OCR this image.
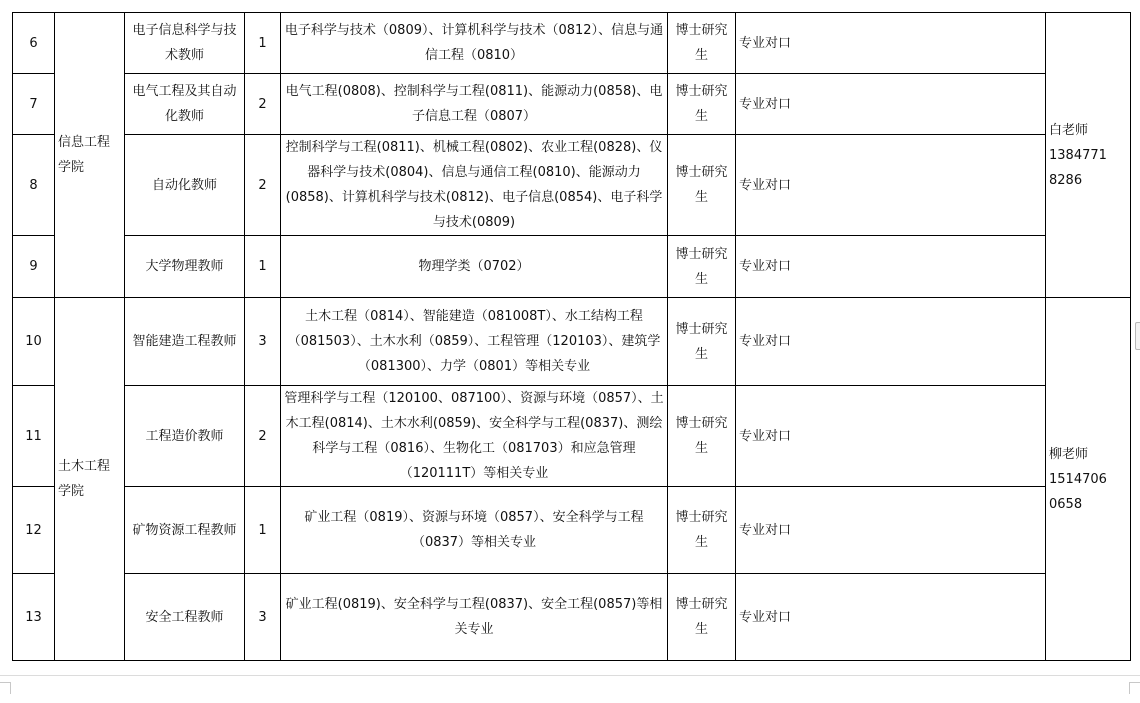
6	信息工程学院	电子信息科学与技术教师	1	电子科学与技术（0809）、计算机科学与技术（0812）、信息与通信工程（0810）	博士研究生	专业对口	白老师
13847718286
7		电气工程及其自动化教师	2	电气工程(0808)、控制科学与工程(0811)、能源动力(0858)、电子信息工程（0807）	博士研究生	专业对口	
8		自动化教师	2	控制科学与工程(0811)、机械工程(0802)、农业工程(0828)、仪器科学与技术(0804)、信息与通信工程(0810)、能源动力(0858)、计算机科学与技术(0812)、电子信息(0854)、电子科学与技术(0809)	博士研究生	专业对口	
9		大学物理教师	1	物理学类（0702）	博士研究生	专业对口	
10	土木工程学院	智能建造工程教师	3	土木工程（0814）、智能建造（081008T）、水工结构工程（081503）、土木水利（0859）、工程管理（120103）、建筑学（081300）、力学（0801）等相关专业	博士研究生	专业对口	柳老师
15147060658
11		工程造价教师	2	管理科学与工程（120100、087100）、资源与环境（0857）、土木工程(0814)、土木水利(0859)、安全科学与工程(0837)、测绘科学与工程（0816）、生物化工（081703）和应急管理（120111T）等相关专业	博士研究生	专业对口	
12		矿物资源工程教师	1	矿业工程（0819）、资源与环境（0857）、安全科学与工程（0837）等相关专业	博士研究生	专业对口	
13		安全工程教师	3	矿业工程(0819)、安全科学与工程(0837)、安全工程(0857)等相关专业	博士研究生	专业对口	
